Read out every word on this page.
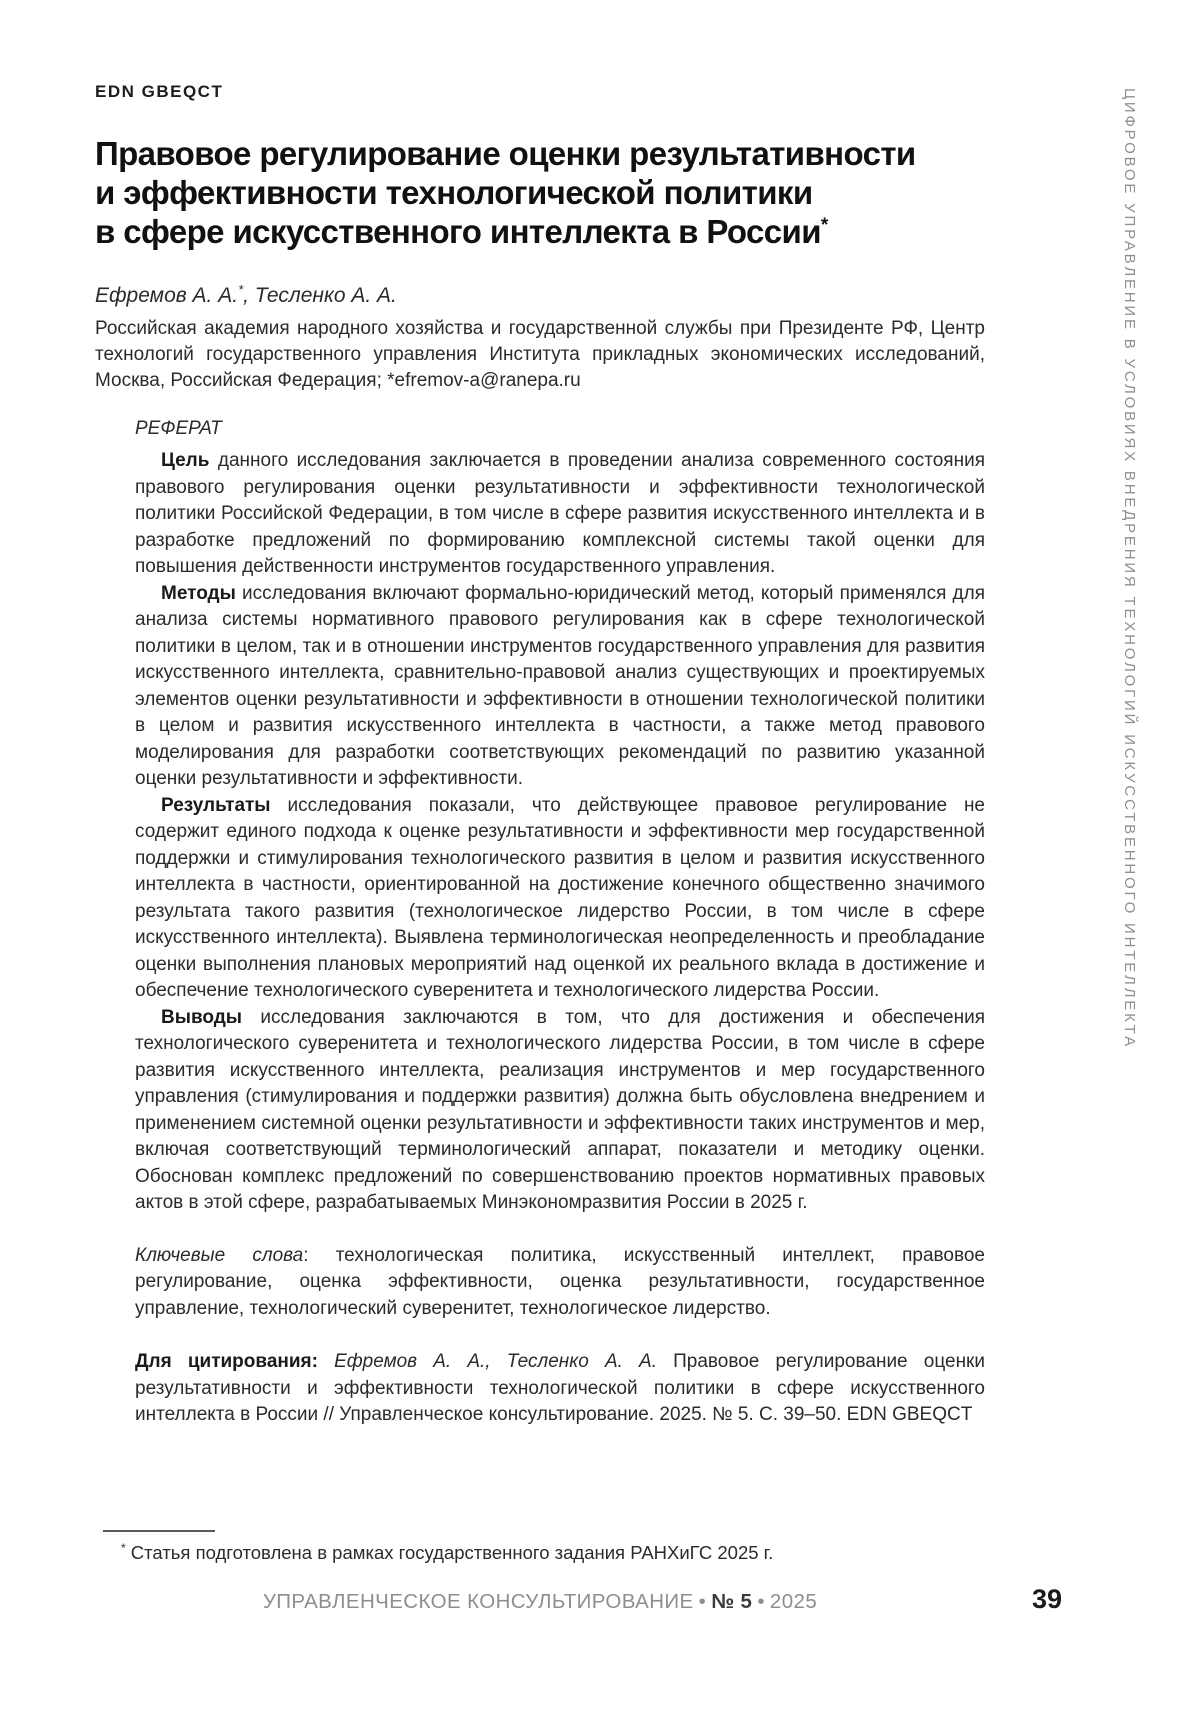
EDN GBEQCT
Правовое регулирование оценки результативности
и эффективности технологической политики
в сфере искусственного интеллекта в России*
Ефремов А. А.*, Тесленко А. А.

Российская академия народного хозяйства и государственной службы при Президенте РФ, Центр технологий государственного управления Института прикладных экономических исследований, Москва, Российская Федерация; *efremov-a@ranepa.ru

РЕФЕРАТ

Цель данного исследования заключается в проведении анализа современного состояния правового регулирования оценки результативности и эффективности технологической политики Российской Федерации, в том числе в сфере развития искусственного интеллекта и в разработке предложений по формированию комплексной системы такой оценки для повышения действенности инструментов государственного управления.

Методы исследования включают формально-юридический метод, который применялся для анализа системы нормативного правового регулирования как в сфере технологической политики в целом, так и в отношении инструментов государственного управления для развития искусственного интеллекта, сравнительно-правовой анализ существующих и проектируемых элементов оценки результативности и эффективности в отношении технологической политики в целом и развития искусственного интеллекта в частности, а также метод правового моделирования для разработки соответствующих рекомендаций по развитию указанной оценки результативности и эффективности.

Результаты исследования показали, что действующее правовое регулирование не содержит единого подхода к оценке результативности и эффективности мер государственной поддержки и стимулирования технологического развития в целом и развития искусственного интеллекта в частности, ориентированной на достижение конечного общественно значимого результата такого развития (технологическое лидерство России, в том числе в сфере искусственного интеллекта). Выявлена терминологическая неопределенность и преобладание оценки выполнения плановых мероприятий над оценкой их реального вклада в достижение и обеспечение технологического суверенитета и технологического лидерства России.

Выводы исследования заключаются в том, что для достижения и обеспечения технологического суверенитета и технологического лидерства России, в том числе в сфере развития искусственного интеллекта, реализация инструментов и мер государственного управления (стимулирования и поддержки развития) должна быть обусловлена внедрением и применением системной оценки результативности и эффективности таких инструментов и мер, включая соответствующий терминологический аппарат, показатели и методику оценки. Обоснован комплекс предложений по совершенствованию проектов нормативных правовых актов в этой сфере, разрабатываемых Минэкономразвития России в 2025 г.

Ключевые слова: технологическая политика, искусственный интеллект, правовое регулирование, оценка эффективности, оценка результативности, государственное управление, технологический суверенитет, технологическое лидерство.

Для цитирования: Ефремов А. А., Тесленко А. А. Правовое регулирование оценки результативности и эффективности технологической политики в сфере искусственного интеллекта в России // Управленческое консультирование. 2025. № 5. С. 39–50. EDN GBEQCT

* Статья подготовлена в рамках государственного задания РАНХиГС 2025 г.

УПРАВЛЕНЧЕСКОЕ КОНСУЛЬТИРОВАНИЕ • № 5 • 2025	39
ЦИФРОВОЕ УПРАВЛЕНИЕ В УСЛОВИЯХ ВНЕДРЕНИЯ ТЕХНОЛОГИЙ ИСКУССТВЕННОГО ИНТЕЛЛЕКТА
